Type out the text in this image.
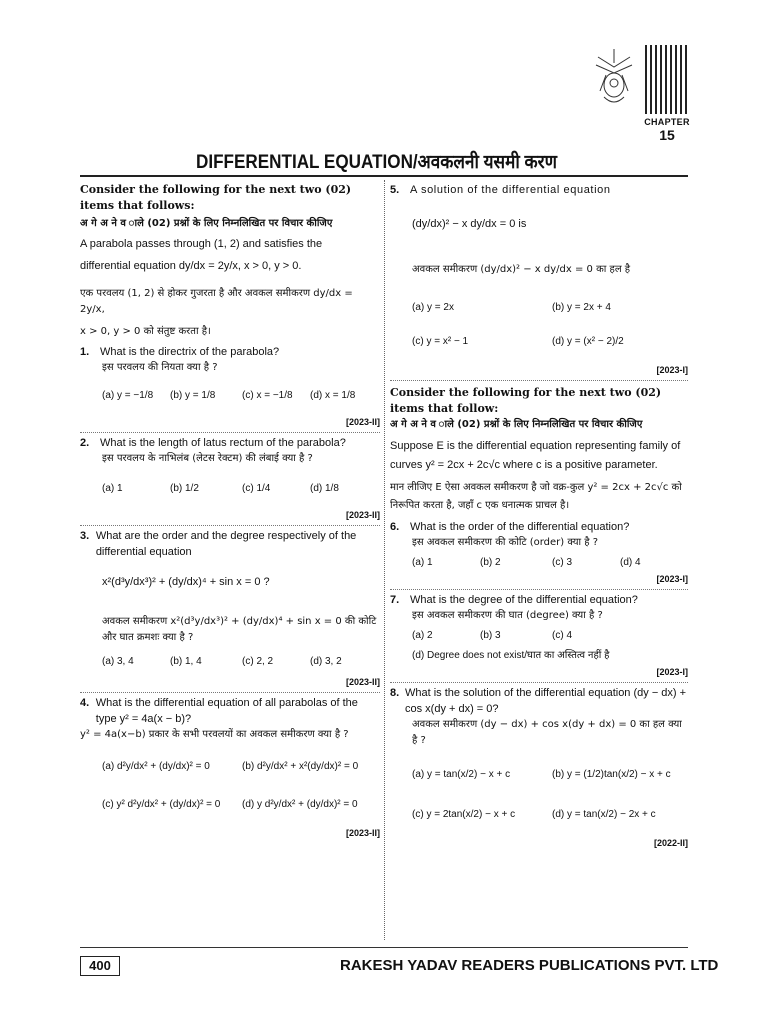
CHAPTER
15
DIFFERENTIAL EQUATION/अवकलनी यसमी करण
Consider the following for the next two (02) items that follows:
अ गे अ ने व ाले (02) प्रश्नों के लिए निम्नलिखित पर विचार कीजिए
A parabola passes through (1, 2) and satisfies the
differential equation dy/dx = 2y/x, x > 0, y > 0.
एक परवलय (1, 2) से होकर गुजरता है और अवकल समीकरण dy/dx = 2y/x,
x > 0, y > 0 को संतुष्ट करता है।
1. What is the directrix of the parabola?
इस परवलय की नियता क्या है ?
(a) y = −1/8	(b) y = 1/8	(c) x = −1/8	(d) x = 1/8
[2023-II]
2. What is the length of latus rectum of the parabola?
इस परवलय के नाभिलंब (लेटस रेक्टम) की लंबाई क्या है ?
(a) 1	(b) 1/2	(c) 1/4	(d) 1/8
[2023-II]
3. What are the order and the degree respectively of the differential equation
x²(d³y/dx³)² + (dy/dx)⁴ + sin x = 0 ?
अवकल समीकरण x²(d³y/dx³)² + (dy/dx)⁴ + sin x = 0 की कोटि और घात क्रमशः क्या है ?
(a) 3, 4	(b) 1, 4	(c) 2, 2	(d) 3, 2
[2023-II]
4. What is the differential equation of all parabolas of the type y² = 4a(x − b)?
y² = 4a(x−b) प्रकार के सभी परवलयों का अवकल समीकरण क्या है ?
(a) d²y/dx² + (dy/dx)² = 0	(b) d²y/dx² + x²(dy/dx)² = 0
(c) y² d²y/dx² + (dy/dx)² = 0	(d) y d²y/dx² + (dy/dx)² = 0
[2023-II]
5. A solution of the differential equation
(dy/dx)² − x dy/dx = 0 is
अवकल समीकरण (dy/dx)² − x dy/dx = 0 का हल है
(a) y = 2x	(b) y = 2x + 4
(c) y = x² − 1	(d) y = (x² − 2)/2
[2023-I]
Consider the following for the next two (02) items that follow:
अ गे अ ने व ाले (02) प्रश्नों के लिए निम्नलिखित पर विचार कीजिए
Suppose E is the differential equation representing family of curves y² = 2cx + 2c√c where c is a positive parameter.
मान लीजिए E ऐसा अवकल समीकरण है जो वक्र-कुल y² = 2cx + 2c√c को निरूपित करता है, जहाँ c एक धनात्मक प्राचल है।
6. What is the order of the differential equation?
इस अवकल समीकरण की कोटि (order) क्या है ?
(a) 1	(b) 2	(c) 3	(d) 4
[2023-I]
7. What is the degree of the differential equation?
इस अवकल समीकरण की घात (degree) क्या है ?
(a) 2	(b) 3	(c) 4
(d) Degree does not exist/घात का अस्तित्व नहीं है
[2023-I]
8. What is the solution of the differential equation (dy − dx) + cos x(dy + dx) = 0?
अवकल समीकरण (dy − dx) + cos x(dy + dx) = 0 का हल क्या है ?
(a) y = tan(x/2) − x + c	(b) y = (1/2)tan(x/2) − x + c
(c) y = 2tan(x/2) − x + c	(d) y = tan(x/2) − 2x + c
[2022-II]
400	RAKESH YADAV READERS PUBLICATIONS PVT. LTD
